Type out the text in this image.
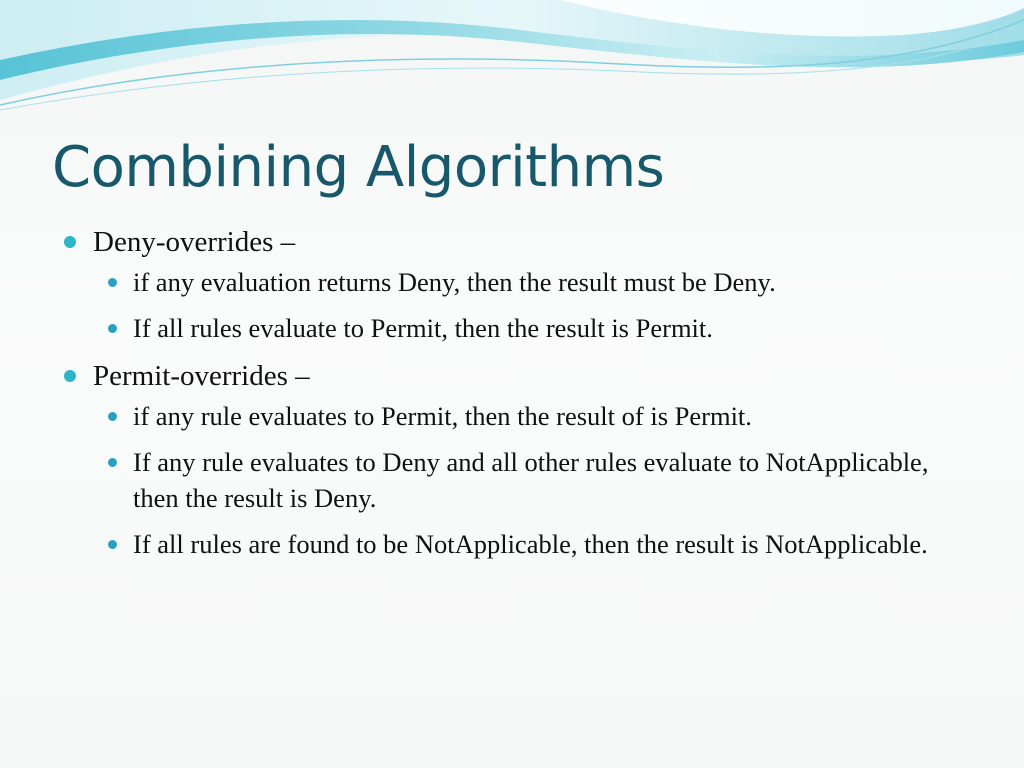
Combining Algorithms
Deny-overrides –
if any evaluation returns Deny, then the result must be Deny.
If all rules evaluate to Permit, then the result is Permit.
Permit-overrides –
if any rule evaluates to Permit, then the result of is Permit.
If any rule evaluates to Deny and all other rules evaluate to NotApplicable, then the result is Deny.
If all rules are found to be NotApplicable, then the result is NotApplicable.
